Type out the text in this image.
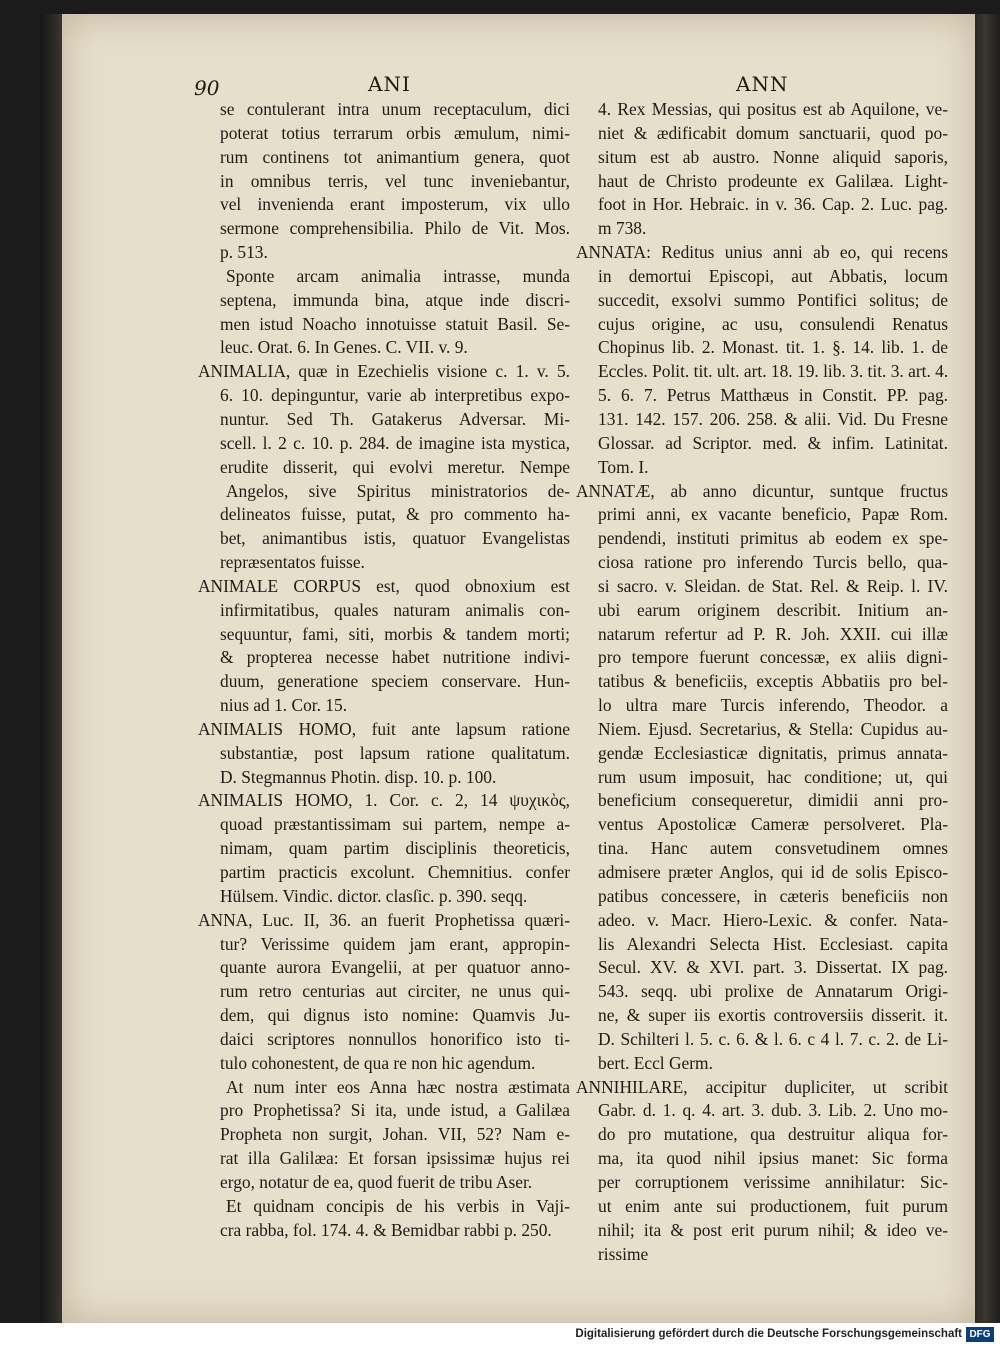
90	ANI	ANN
se contulerant intra unum receptaculum, dici
poterat totius terrarum orbis æmulum, nimi-
rum continens tot animantium genera, quot
in omnibus terris, vel tunc inveniebantur,
vel invenienda erant imposterum, vix ullo
sermone comprehensibilia. Philo de Vit. Mos.
p. 513.
Sponte arcam animalia intrasse, munda
septena, immunda bina, atque inde discri-
men istud Noacho innotuisse statuit Basil. Se-
leuc. Orat. 6. In Genes. C. VII. v. 9.
ANIMALIA, quæ in Ezechielis visione c. 1. v. 5.
6. 10. depinguntur, varie ab interpretibus expo-
nuntur. Sed Th. Gatakerus Adversar. Mi-
scell. l. 2 c. 10. p. 284. de imagine ista mystica,
erudite disserit, qui evolvi meretur. Nempe
Angelos, sive Spiritus ministratorios de-
delineatos fuisse, putat, & pro commento ha-
bet, animantibus istis, quatuor Evangelistas
repræsentatos fuisse.
ANIMALE CORPUS est, quod obnoxium est
infirmitatibus, quales naturam animalis con-
sequuntur, fami, siti, morbis & tandem morti;
& propterea necesse habet nutritione indivi-
duum, generatione speciem conservare. Hun-
nius ad 1. Cor. 15.
ANIMALIS HOMO, fuit ante lapsum ratione
substantiæ, post lapsum ratione qualitatum.
D. Stegmannus Photin. disp. 10. p. 100.
ANIMALIS HOMO, 1. Cor. c. 2, 14 ψυχικὸς,
quoad præstantissimam sui partem, nempe a-
nimam, quam partim disciplinis theoreticis,
partim practicis excolunt. Chemnitius. confer
Hülsem. Vindic. dictor. clasſic. p. 390. seqq.
ANNA, Luc. II, 36. an fuerit Prophetissa quæri-
tur? Verissime quidem jam erant, appropin-
quante aurora Evangelii, at per quatuor anno-
rum retro centurias aut circiter, ne unus qui-
dem, qui dignus isto nomine: Quamvis Ju-
daici scriptores nonnullos honorifico isto ti-
tulo cohonestent, de qua re non hic agendum.
At num inter eos Anna hæc nostra æstimata
pro Prophetissa? Si ita, unde istud, a Galilæa
Propheta non surgit, Johan. VII, 52? Nam e-
rat illa Galilæa: Et forsan ipsissimæ hujus rei
ergo, notatur de ea, quod fuerit de tribu Aser.
Et quidnam concipis de his verbis in Vaji-
cra rabba, fol. 174. 4. & Bemidbar rabbi p. 250.
4. Rex Messias, qui positus est ab Aquilone, ve-
niet & ædificabit domum sanctuarii, quod po-
situm est ab austro. Nonne aliquid saporis,
haut de Christo prodeunte ex Galilæa. Light-
foot in Hor. Hebraic. in v. 36. Cap. 2. Luc. pag.
m 738.
ANNATA: Reditus unius anni ab eo, qui recens
in demortui Episcopi, aut Abbatis, locum
succedit, exsolvi summo Pontifici solitus; de
cujus origine, ac usu, consulendi Renatus
Chopinus lib. 2. Monast. tit. 1. §. 14. lib. 1. de
Eccles. Polit. tit. ult. art. 18. 19. lib. 3. tit. 3. art. 4.
5. 6. 7. Petrus Matthæus in Constit. PP. pag.
131. 142. 157. 206. 258. & alii. Vid. Du Fresne
Glossar. ad Scriptor. med. & infim. Latinitat.
Tom. I.
ANNATÆ, ab anno dicuntur, suntque fructus
primi anni, ex vacante beneficio, Papæ Rom.
pendendi, instituti primitus ab eodem ex spe-
ciosa ratione pro inferendo Turcis bello, qua-
si sacro. v. Sleidan. de Stat. Rel. & Reip. l. IV.
ubi earum originem describit. Initium an-
natarum refertur ad P. R. Joh. XXII. cui illæ
pro tempore fuerunt concessæ, ex aliis digni-
tatibus & beneficiis, exceptis Abbatiis pro bel-
lo ultra mare Turcis inferendo, Theodor. a
Niem. Ejusd. Secretarius, & Stella: Cupidus au-
gendæ Ecclesiasticæ dignitatis, primus annata-
rum usum imposuit, hac conditione; ut, qui
beneficium consequeretur, dimidii anni pro-
ventus Apostolicæ Cameræ persolveret. Pla-
tina. Hanc autem consvetudinem omnes
admisere præter Anglos, qui id de solis Episco-
patibus concessere, in cæteris beneficiis non
adeo. v. Macr. Hiero-Lexic. & confer. Nata-
lis Alexandri Selecta Hist. Ecclesiast. capita
Secul. XV. & XVI. part. 3. Dissertat. IX pag.
543. seqq. ubi prolixe de Annatarum Origi-
ne, & super iis exortis controversiis disserit. it.
D. Schilteri l. 5. c. 6. & l. 6. c 4 l. 7. c. 2. de Li-
bert. Eccl Germ.
ANNIHILARE, accipitur dupliciter, ut scribit
Gabr. d. 1. q. 4. art. 3. dub. 3. Lib. 2. Uno mo-
do pro mutatione, qua destruitur aliqua for-
ma, ita quod nihil ipsius manet: Sic forma
per corruptionem verissime annihilatur: Sic-
ut enim ante sui productionem, fuit purum
nihil; ita & post erit purum nihil; & ideo ve-
rissime
Digitalisierung gefördert durch die Deutsche Forschungsgemeinschaft DFG
